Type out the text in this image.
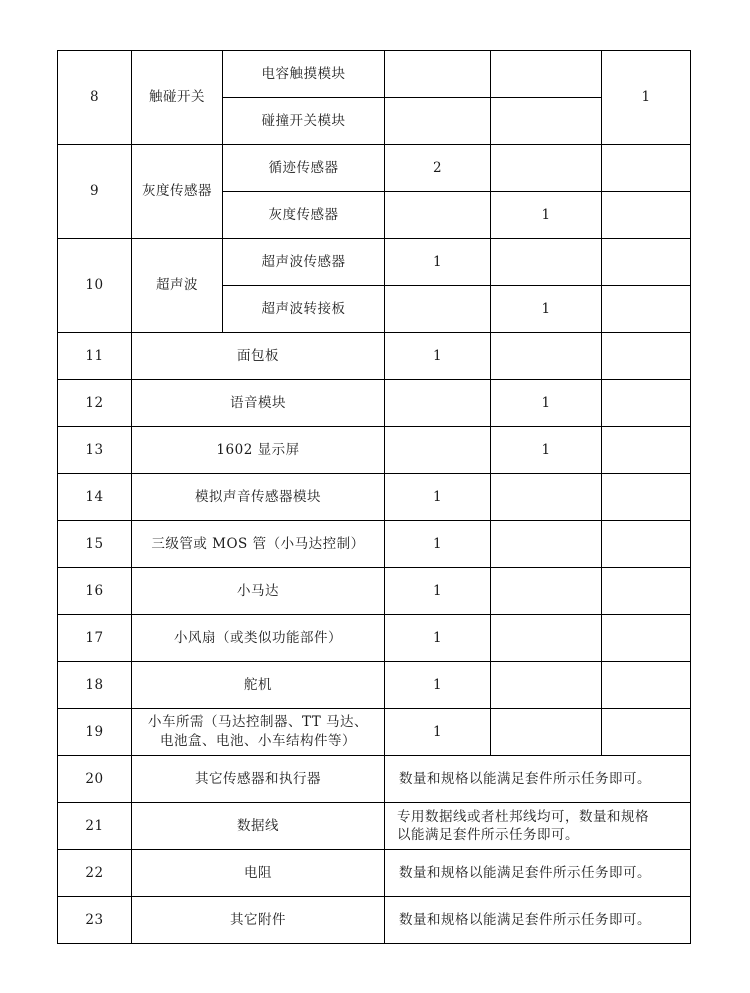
8	触碰开关	电容触摸模块			1
		碰撞开关模块			
9	灰度传感器	循迹传感器	2		
		灰度传感器		1	
10	超声波	超声波传感器	1		
		超声波转接板		1	
11	面包板		1		
12	语音模块			1	
13	1602 显示屏			1	
14	模拟声音传感器模块		1		
15	三级管或 MOS 管（小马达控制）		1		
16	小马达		1		
17	小风扇（或类似功能部件）		1		
18	舵机		1		
19	小车所需（马达控制器、TT 马达、
电池盒、电池、小车结构件等）		1		
20	其它传感器和执行器		数量和规格以能满足套件所示任务即可。		
21	数据线		专用数据线或者杜邦线均可，数量和规格
以能满足套件所示任务即可。		

22	电阻		数量和规格以能满足套件所示任务即可。		
23	其它附件		数量和规格以能满足套件所示任务即可。		
